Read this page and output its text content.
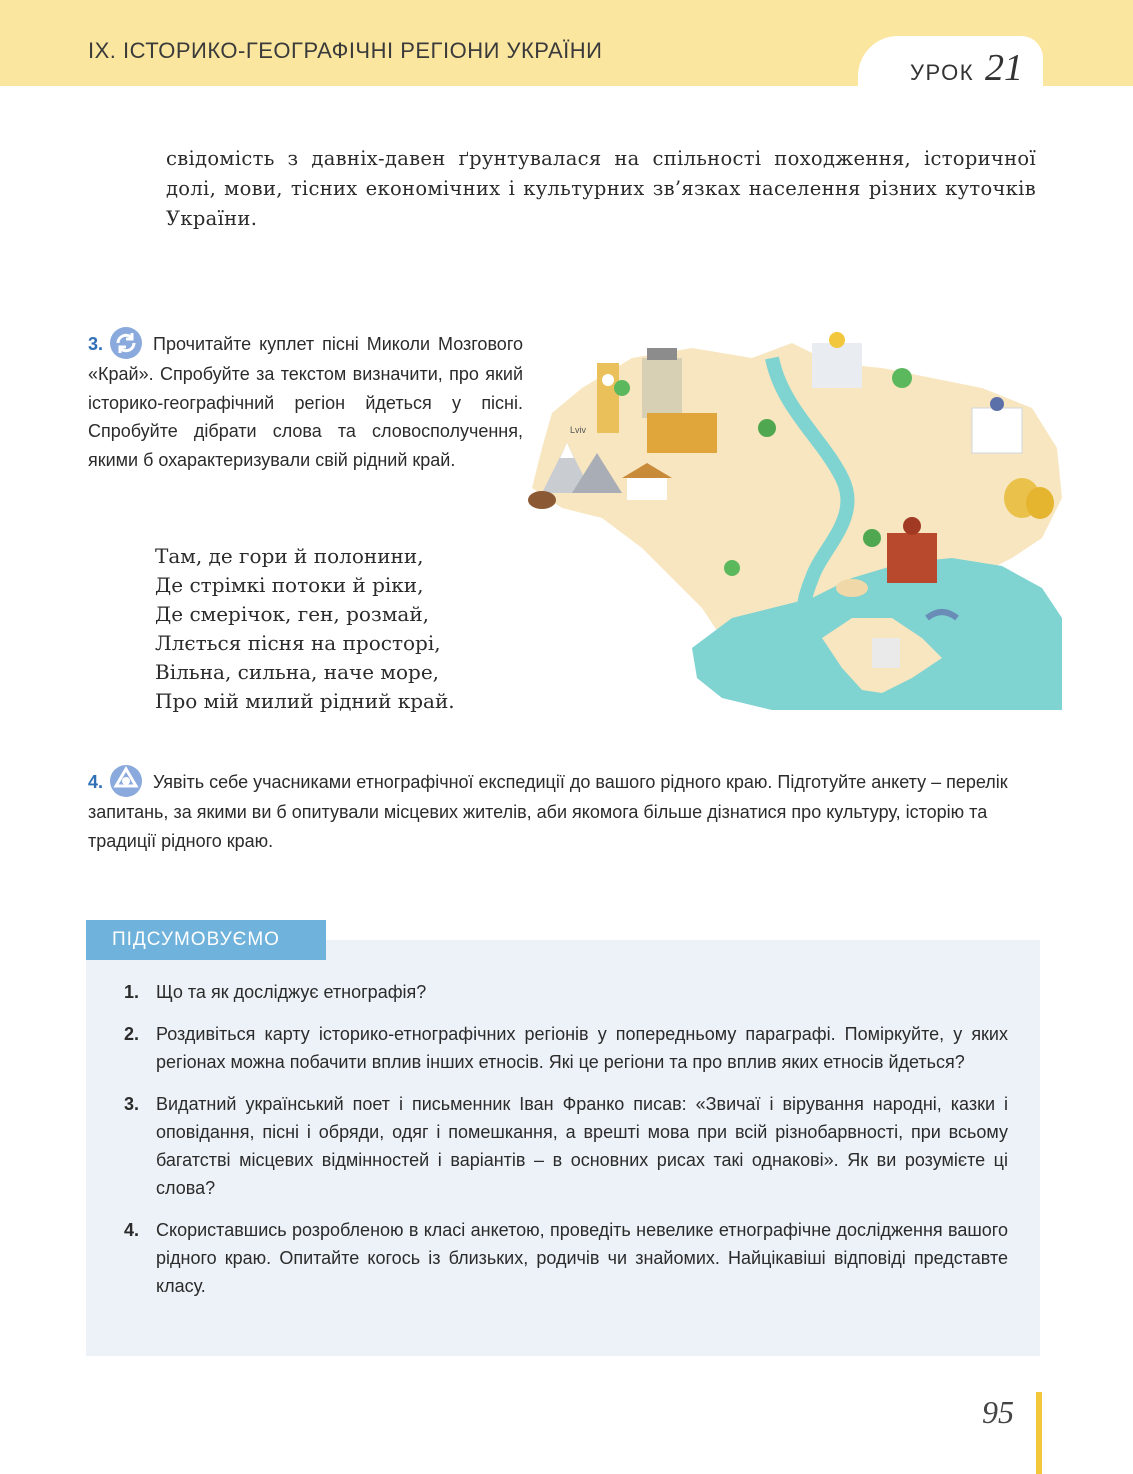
IX. ІСТОРИКО-ГЕОГРАФІЧНІ РЕГІОНИ УКРАЇНИ
УРОК 21
свідомість з давніх-давен ґрунтувалася на спільності походження, історичної долі, мови, тісних економічних і культурних зв’язках населення різних куточків України.
3.	Прочитайте куплет пісні Миколи Мозгового «Край». Спробуйте за текстом визначити, про який історико-географічний регіон йдеться у пісні. Спробуйте дібрати слова та словосполучення, якими б охарактеризували свій рідний край.
Там, де гори й полонини,
Де стрімкі потоки й ріки,
Де смерічок, ген, розмай,
Ллється пісня на просторі,
Вільна, сильна, наче море,
Про мій милий рідний край.
Lviv
4.	Уявіть себе учасниками етнографічної експедиції до вашого рідного краю. Підготуйте анкету – перелік запитань, за якими ви б опитували місцевих жителів, аби якомога більше дізнатися про культуру, історію та традиції рідного краю.
ПІДСУМОВУЄМО
1. Що та як досліджує етнографія?
2. Роздивіться карту історико-етнографічних регіонів у попередньому параграфі. Поміркуйте, у яких регіонах можна побачити вплив інших етносів. Які це регіони та про вплив яких етносів йдеться?
3. Видатний український поет і письменник Іван Франко писав: «Звичаї і вірування народні, казки і оповідання, пісні і обряди, одяг і помешкання, а врешті мова при всій різнобарвності, при всьому багатстві місцевих відмінностей і варіантів – в основних рисах такі однакові». Як ви розумієте ці слова?
4. Скориставшись розробленою в класі анкетою, проведіть невелике етнографічне дослідження вашого рідного краю. Опитайте когось із близьких, родичів чи знайомих. Найцікавіші відповіді представте класу.
95
